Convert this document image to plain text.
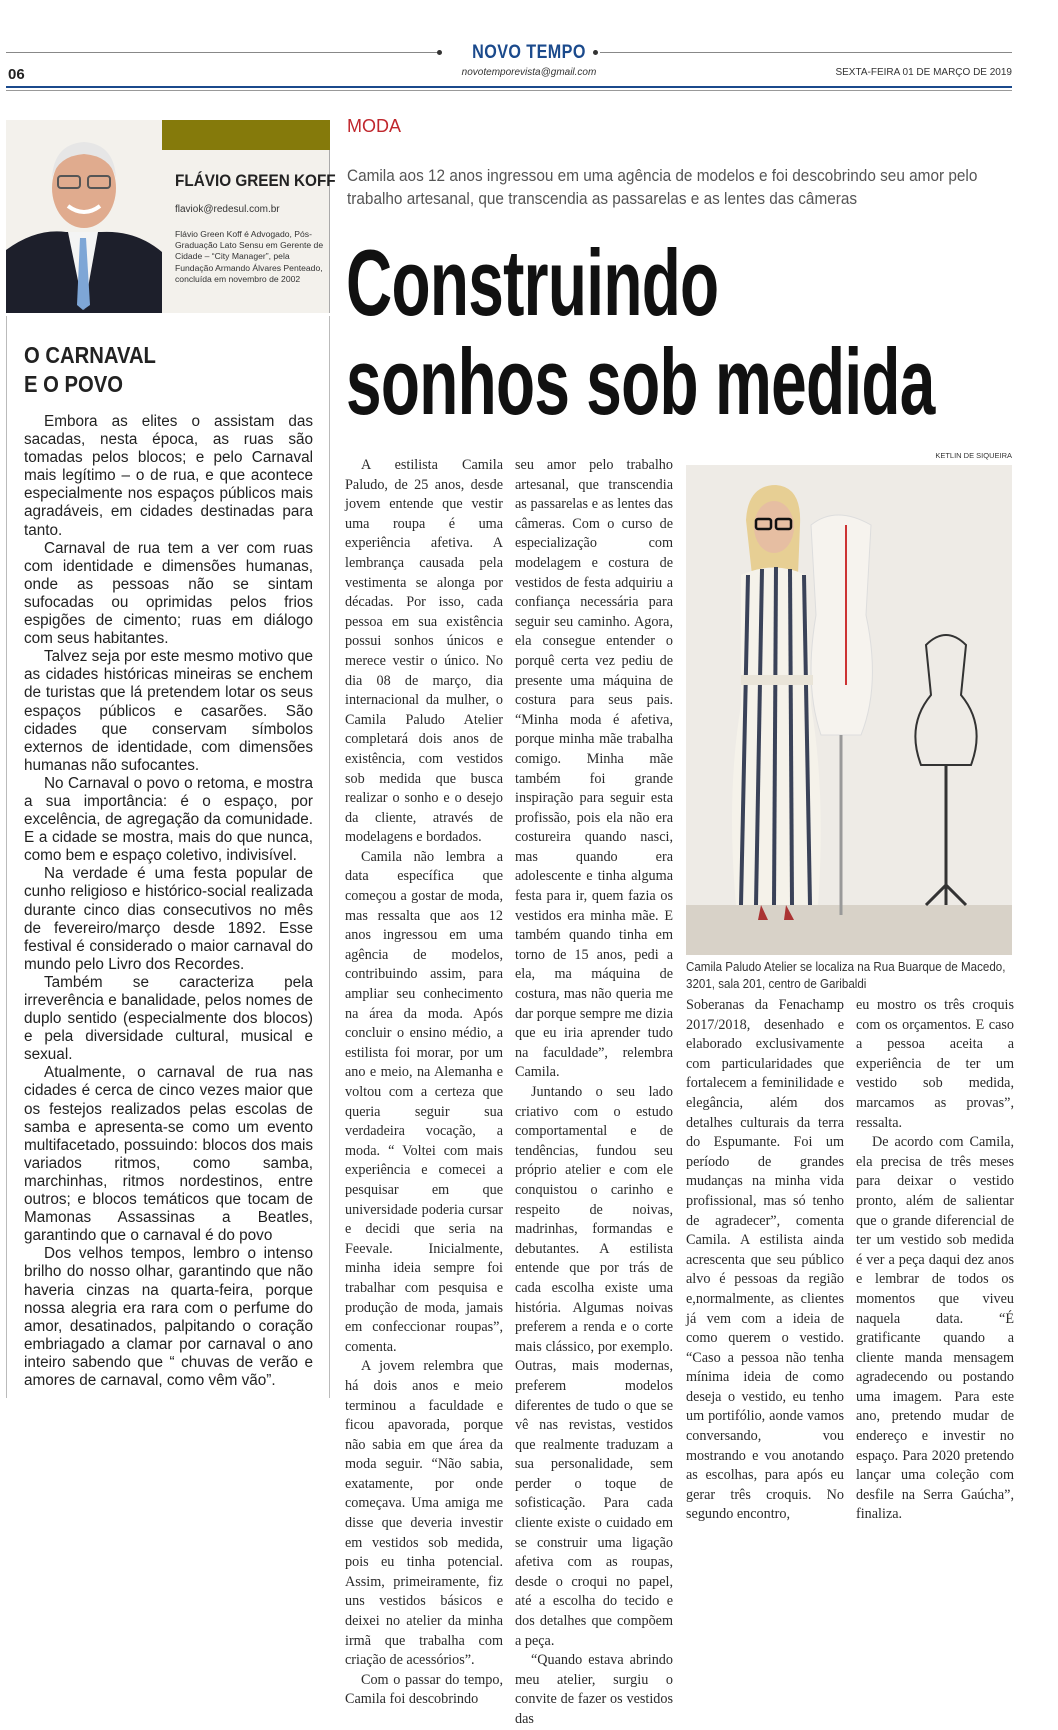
NOVO TEMPO
06	novotemporevista@gmail.com	SEXTA-FEIRA 01 DE MARÇO DE 2019
FLÁVIO GREEN KOFF
flaviok@redesul.com.br
Flávio Green Koff é Advogado, Pós-Graduação Lato Sensu em Gerente de Cidade – “City Manager”, pela Fundação Armando Álvares Penteado, concluída em novembro de 2002
O CARNAVAL
E O POVO

Embora as elites o assistam das sacadas, nesta época, as ruas são tomadas pelos blocos; e pelo Carnaval mais legítimo – o de rua, e que acontece especialmente nos espaços públicos mais agradáveis, em cidades destinadas para tanto.

Carnaval de rua tem a ver com ruas com identidade e dimensões humanas, onde as pessoas não se sintam sufocadas ou oprimidas pelos frios espigões de cimento; ruas em diálogo com seus habitantes.

Talvez seja por este mesmo motivo que as cidades históricas mineiras se enchem de turistas que lá pretendem lotar os seus espaços públicos e casarões. São cidades que conservam símbolos externos de identidade, com dimensões humanas não sufocantes.

No Carnaval o povo o retoma, e mostra a sua importância: é o espaço, por excelência, de agregação da comunidade. E a cidade se mostra, mais do que nunca, como bem e espaço coletivo, indivisível.

Na verdade é uma festa popular de cunho religioso e histórico-social realizada durante cinco dias consecutivos no mês de fevereiro/março desde 1892. Esse festival é considerado o maior carnaval do mundo pelo Livro dos Recordes.

Também se caracteriza pela irreverência e banalidade, pelos nomes de duplo sentido (especialmente dos blocos) e pela diversidade cultural, musical e sexual.

Atualmente, o carnaval de rua nas cidades é cerca de cinco vezes maior que os festejos realizados pelas escolas de samba e apresenta-se como um evento multifacetado, possuindo: blocos dos mais variados ritmos, como samba, marchinhas, ritmos nordestinos, entre outros; e blocos temáticos que tocam de Mamonas Assassinas a Beatles, garantindo que o carnaval é do povo

Dos velhos tempos, lembro o intenso brilho do nosso olhar, garantindo que não haveria cinzas na quarta-feira, porque nossa alegria era rara com o perfume do amor, desatinados, palpitando o coração embriagado a clamar por carnaval o ano inteiro sabendo que “ chuvas de verão e amores de carnaval, como vêm vão”.

MODA
Camila aos 12 anos ingressou em uma agência de modelos e foi descobrindo seu amor pelo trabalho artesanal, que transcendia as passarelas e as lentes das câmeras
Construindo
sonhos sob medida
KETLIN DE SIQUEIRA
Camila Paludo Atelier se localiza na Rua Buarque de Macedo, 3201, sala 201, centro de Garibaldi

A estilista Camila Paludo, de 25 anos, desde jovem entende que vestir uma roupa é uma experiência afetiva. A lembrança causada pela vestimenta se alonga por décadas. Por isso, cada pessoa em sua existência possui sonhos únicos e merece vestir o único. No dia 08 de março, dia internacional da mulher, o Camila Paludo Atelier completará dois anos de existência, com vestidos sob medida que busca realizar o sonho e o desejo da cliente, através de modelagens e bordados.

Camila não lembra a data específica que começou a gostar de moda, mas ressalta que aos 12 anos ingressou em uma agência de modelos, contribuindo assim, para ampliar seu conhecimento na área da moda. Após concluir o ensino médio, a estilista foi morar, por um ano e meio, na Alemanha e voltou com a certeza que queria seguir sua verdadeira vocação, a moda. “ Voltei com mais experiência e comecei a pesquisar em que universidade poderia cursar e decidi que seria na Feevale. Inicialmente, minha ideia sempre foi trabalhar com pesquisa e produção de moda, jamais em confeccionar roupas”, comenta.

A jovem relembra que há dois anos e meio terminou a faculdade e ficou apavorada, porque não sabia em que área da moda seguir. “Não sabia, exatamente, por onde começava. Uma amiga me disse que deveria investir em vestidos sob medida, pois eu tinha potencial. Assim, primeiramente, fiz uns vestidos básicos e deixei no atelier da minha irmã que trabalha com criação de acessórios”.

Com o passar do tempo, Camila foi descobrindo

seu amor pelo trabalho artesanal, que transcendia as passarelas e as lentes das câmeras. Com o curso de especialização com modelagem e costura de vestidos de festa adquiriu a confiança necessária para seguir seu caminho. Agora, ela consegue entender o porquê certa vez pediu de presente uma máquina de costura para seus pais. “Minha moda é afetiva, porque minha mãe trabalha comigo. Minha mãe também foi grande inspiração para seguir esta profissão, pois ela não era costureira quando nasci, mas quando era adolescente e tinha alguma festa para ir, quem fazia os vestidos era minha mãe. E também quando tinha em torno de 15 anos, pedi a ela, ma máquina de costura, mas não queria me dar porque sempre me dizia que eu iria aprender tudo na faculdade”, relembra Camila.

Juntando o seu lado criativo com o estudo comportamental e de tendências, fundou seu próprio atelier e com ele conquistou o carinho e respeito de noivas, madrinhas, formandas e debutantes. A estilista entende que por trás de cada escolha existe uma história. Algumas noivas preferem a renda e o corte mais clássico, por exemplo. Outras, mais modernas, preferem modelos diferentes de tudo o que se vê nas revistas, vestidos que realmente traduzam a sua personalidade, sem perder o toque de sofisticação. Para cada cliente existe o cuidado em se construir uma ligação afetiva com as roupas, desde o croqui no papel, até a escolha do tecido e dos detalhes que compõem a peça.

“Quando estava abrindo meu atelier, surgiu o convite de fazer os vestidos das

Soberanas da Fenachamp 2017/2018, desenhado e elaborado exclusivamente com particularidades que fortalecem a feminilidade e elegância, além dos detalhes culturais da terra do Espumante. Foi um período de grandes mudanças na minha vida profissional, mas só tenho de agradecer”, comenta Camila. A estilista ainda acrescenta que seu público alvo é pessoas da região e,normalmente, as clientes já vem com a ideia de como querem o vestido. “Caso a pessoa não tenha mínima ideia de como deseja o vestido, eu tenho um portifólio, aonde vamos conversando, vou mostrando e vou anotando as escolhas, para após eu gerar três croquis. No segundo encontro,

eu mostro os três croquis com os orçamentos. E caso a pessoa aceita a experiência de ter um vestido sob medida, marcamos as provas”, ressalta.

De acordo com Camila, ela precisa de três meses para deixar o vestido pronto, além de salientar que o grande diferencial de ter um vestido sob medida é ver a peça daqui dez anos e lembrar de todos os momentos que viveu naquela data. “É gratificante quando a cliente manda mensagem agradecendo ou postando uma imagem. Para este ano, pretendo mudar de endereço e investir no espaço. Para 2020 pretendo lançar uma coleção com desfile na Serra Gaúcha”, finaliza.
